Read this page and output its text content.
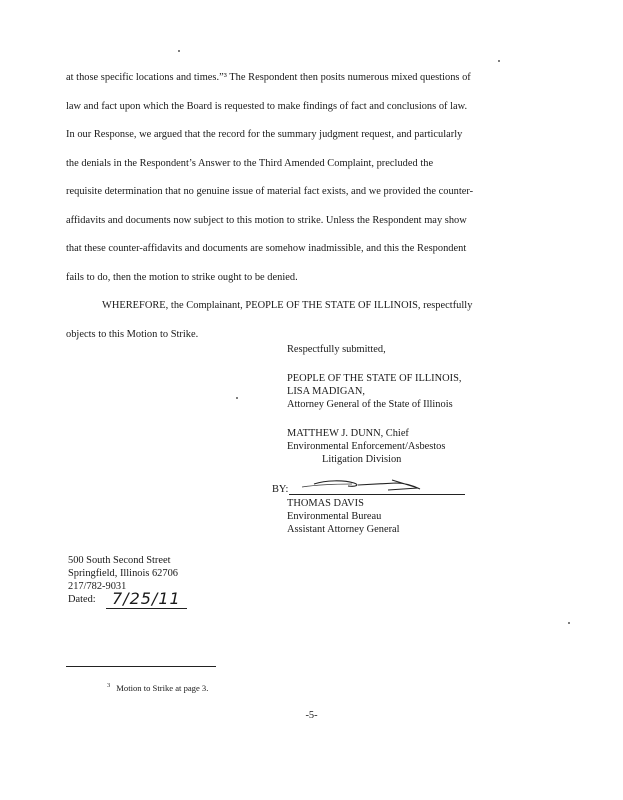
at those specific locations and times.”³ The Respondent then posits numerous mixed questions of
law and fact upon which the Board is requested to make findings of fact and conclusions of law.
In our Response, we argued that the record for the summary judgment request, and particularly
the denials in the Respondent’s Answer to the Third Amended Complaint, precluded the
requisite determination that no genuine issue of material fact exists, and we provided the counter-
affidavits and documents now subject to this motion to strike. Unless the Respondent may show
that these counter-affidavits and documents are somehow inadmissible, and this the Respondent
fails to do, then the motion to strike ought to be denied.
WHEREFORE, the Complainant, PEOPLE OF THE STATE OF ILLINOIS, respectfully
objects to this Motion to Strike.
Respectfully submitted,
PEOPLE OF THE STATE OF ILLINOIS,
LISA MADIGAN,
Attorney General of the State of Illinois
MATTHEW J. DUNN, Chief
Environmental Enforcement/Asbestos
Litigation Division
BY:
THOMAS DAVIS
Environmental Bureau
Assistant Attorney General
500 South Second Street
Springfield, Illinois 62706
217/782-9031
Dated:	7/25/11
$^3$ Motion to Strike at page 3.
-5-
